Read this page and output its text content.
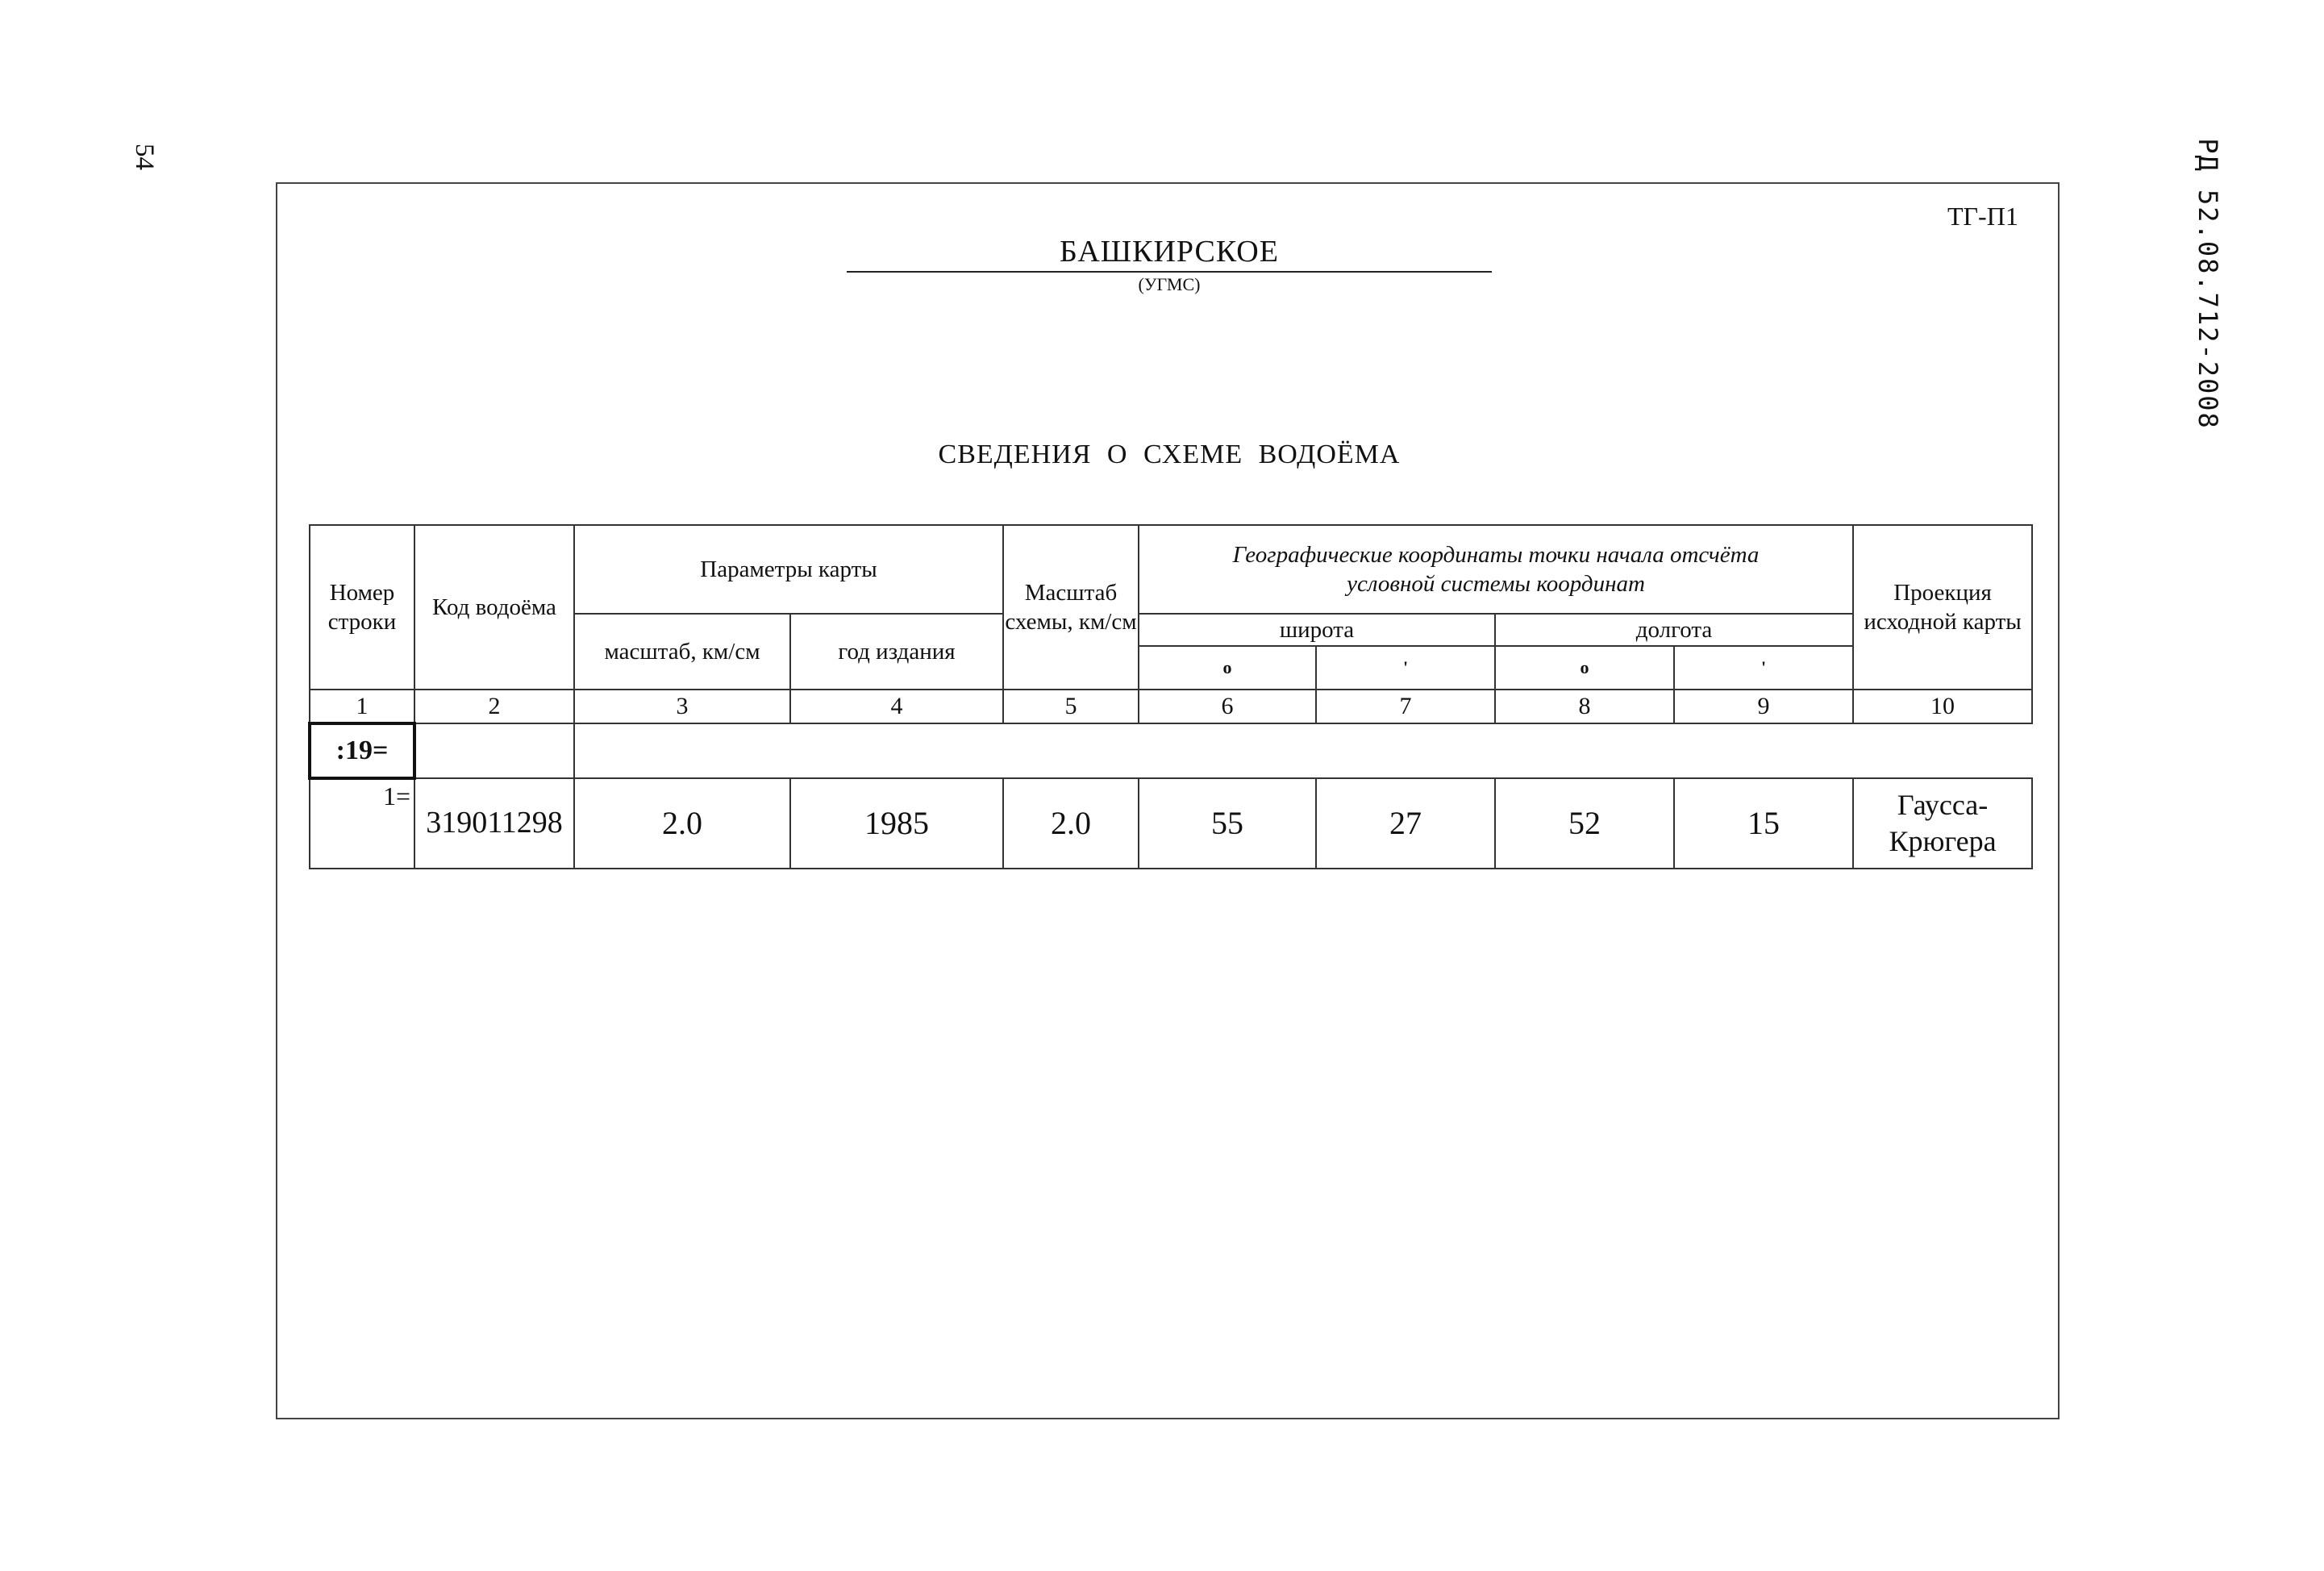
54	РД 52.08.712-2008
ТГ-П1
БАШКИРСКОЕ
(УГМС)
СВЕДЕНИЯ О СХЕМЕ ВОДОЁМА
Номер строки	Код водоёма	Параметры карты		Масштаб схемы, км/см	Географические координаты точки начала отсчёта условной системы координат				Проекция исходной карты
		масштаб, км/см	год издания		широта		долгота		
					о	'	о	'	
1	2	3	4	5	6	7	8	9	10
:19=									
1=	319011298	2.0	1985	2.0	55	27	52	15	Гаусса-Крюгера
